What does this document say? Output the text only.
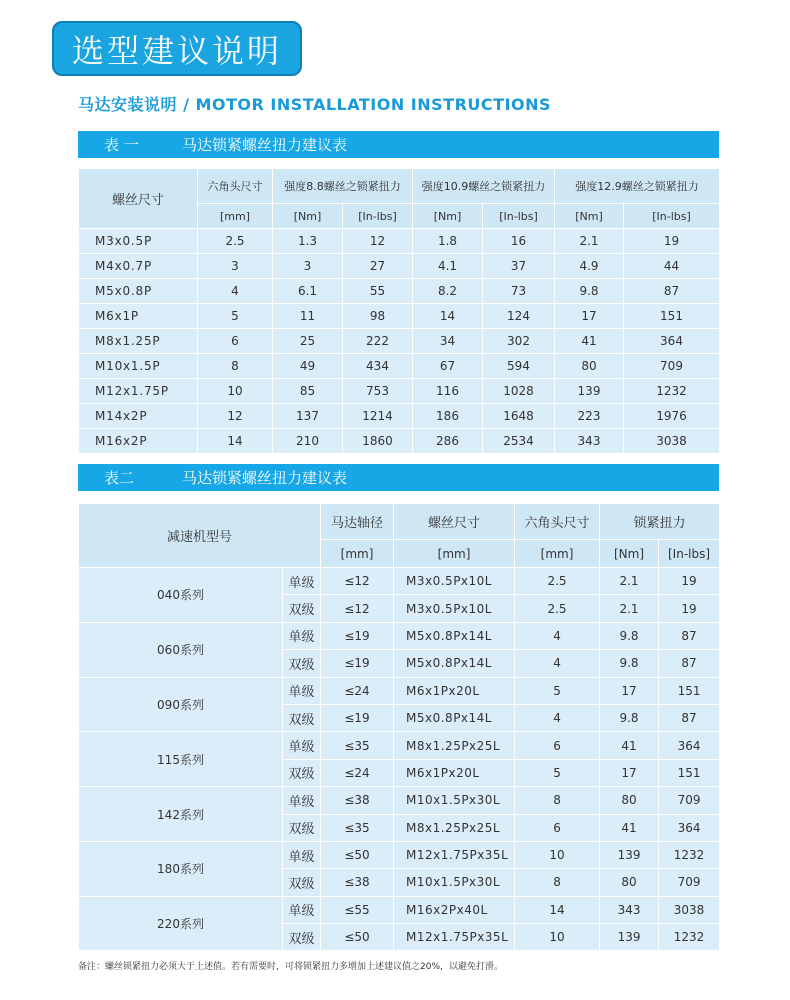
选型建议说明
马达安装说明 / MOTOR INSTALLATION INSTRUCTIONS
表 一	马达锁紧螺丝扭力建议表
螺丝尺寸	六角头尺寸	强度8.8螺丝之锁紧扭力		强度10.9螺丝之锁紧扭力		强度12.9螺丝之锁紧扭力	
	[mm]	[Nm]	[In-lbs]	[Nm]	[In-lbs]	[Nm]	[In-lbs]
M3x0.5P	2.5	1.3	12	1.8	16	2.1	19
M4x0.7P	3	3	27	4.1	37	4.9	44
M5x0.8P	4	6.1	55	8.2	73	9.8	87
M6x1P	5	11	98	14	124	17	151
M8x1.25P	6	25	222	34	302	41	364
M10x1.5P	8	49	434	67	594	80	709
M12x1.75P	10	85	753	116	1028	139	1232
M14x2P	12	137	1214	186	1648	223	1976
M16x2P	14	210	1860	286	2534	343	3038
表二	马达锁紧螺丝扭力建议表
减速机型号		马达轴径	螺丝尺寸	六角头尺寸	锁紧扭力	
		[mm]	[mm]	[mm]	[Nm]	[In-lbs]
040系列	单级	≤12	M3x0.5Px10L	2.5	2.1	19
	双级	≤12	M3x0.5Px10L	2.5	2.1	19
060系列	单级	≤19	M5x0.8Px14L	4	9.8	87
	双级	≤19	M5x0.8Px14L	4	9.8	87
090系列	单级	≤24	M6x1Px20L	5	17	151
	双级	≤19	M5x0.8Px14L	4	9.8	87
115系列	单级	≤35	M8x1.25Px25L	6	41	364
	双级	≤24	M6x1Px20L	5	17	151
142系列	单级	≤38	M10x1.5Px30L	8	80	709
	双级	≤35	M8x1.25Px25L	6	41	364
180系列	单级	≤50	M12x1.75Px35L	10	139	1232
	双级	≤38	M10x1.5Px30L	8	80	709
220系列	单级	≤55	M16x2Px40L	14	343	3038
	双级	≤50	M12x1.75Px35L	10	139	1232
备注：螺丝锁紧扭力必须大于上述值。若有需要时，可将锁紧扭力多增加上述建议值之20%，以避免打滑。
